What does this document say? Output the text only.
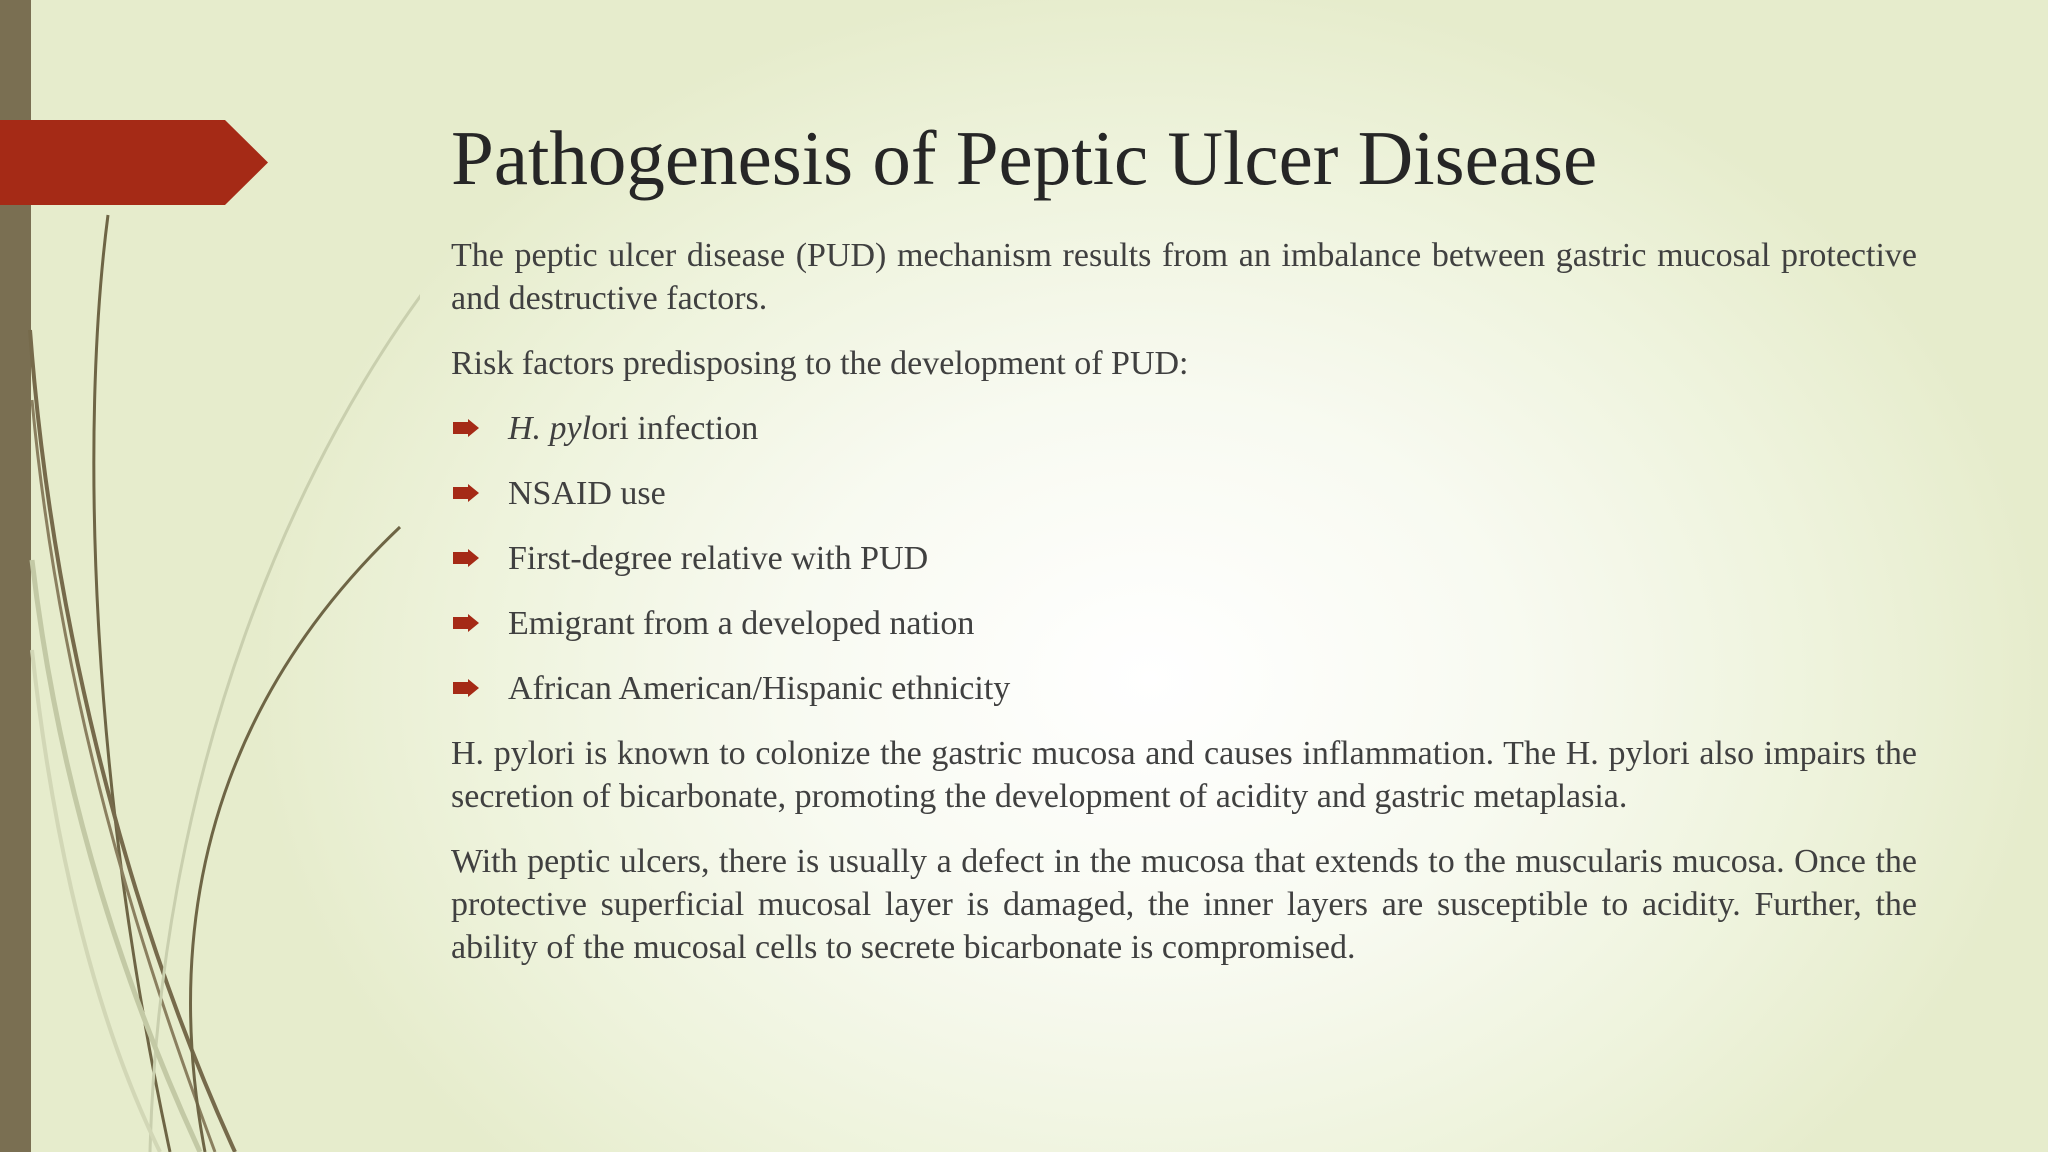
Pathogenesis of Peptic Ulcer Disease

The peptic ulcer disease (PUD) mechanism results from an imbalance between gastric mucosal protective and destructive factors.

Risk factors predisposing to the development of PUD:

H. pylori infection
NSAID use
First-degree relative with PUD
Emigrant from a developed nation
African American/Hispanic ethnicity

H. pylori is known to colonize the gastric mucosa and causes inflammation. The H. pylori also impairs the secretion of bicarbonate, promoting the development of acidity and gastric metaplasia.

With peptic ulcers, there is usually a defect in the mucosa that extends to the muscularis mucosa. Once the protective superficial mucosal layer is damaged, the inner layers are susceptible to acidity. Further, the ability of the mucosal cells to secrete bicarbonate is compromised.
